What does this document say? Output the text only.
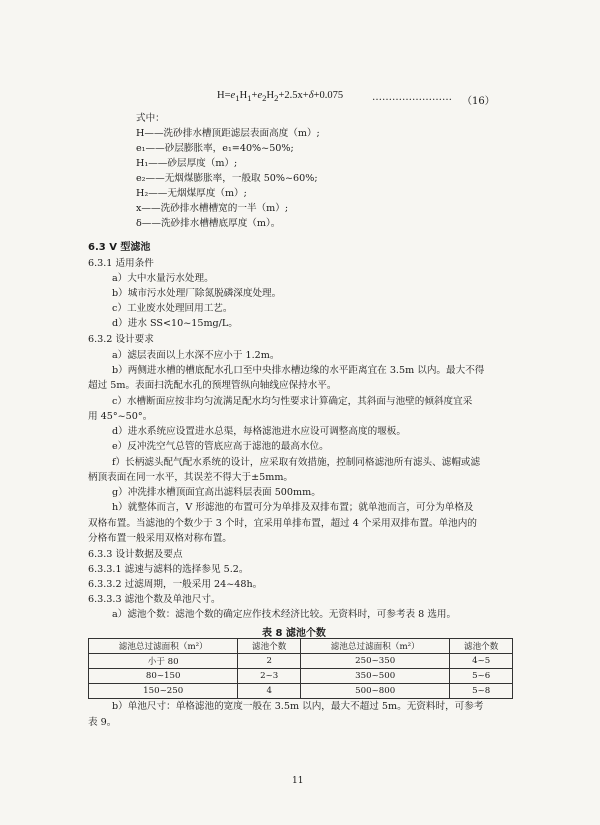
$H=e_1H_1+e_2H_2+2.5x+\delta+0.075$	…………………… （16）
式中：
H——洗砂排水槽顶距滤层表面高度（m）;
e₁——砂层膨胀率，e₁=40%~50%;
H₁——砂层厚度（m）;
e₂——无烟煤膨胀率，一般取 50%~60%;
H₂——无烟煤厚度（m）;
x——洗砂排水槽槽宽的一半（m）;
δ——洗砂排水槽槽底厚度（m）。
6.3 V 型滤池
6.3.1 适用条件
a）大中水量污水处理。
b）城市污水处理厂除氮脱磷深度处理。
c）工业废水处理回用工艺。
d）进水 SS<10~15mg/L。
6.3.2 设计要求
a）滤层表面以上水深不应小于 1.2m。
b）两侧进水槽的槽底配水孔口至中央排水槽边缘的水平距离宜在 3.5m 以内。最大不得
超过 5m。表面扫洗配水孔的预埋管纵向轴线应保持水平。
c）水槽断面应按非均匀流满足配水均匀性要求计算确定，其斜面与池壁的倾斜度宜采
用 45°~50°。
d）进水系统应设置进水总渠，每格滤池进水应设可调整高度的堰板。
e）反冲洗空气总管的管底应高于滤池的最高水位。
f）长柄滤头配气配水系统的设计，应采取有效措施，控制同格滤池所有滤头、滤帽或滤
柄顶表面在同一水平，其误差不得大于±5mm。
g）冲洗排水槽顶面宜高出滤料层表面 500mm。
h）就整体而言，V 形滤池的布置可分为单排及双排布置；就单池而言，可分为单格及
双格布置。当滤池的个数少于 3 个时，宜采用单排布置，超过 4 个采用双排布置。单池内的
分格布置一般采用双格对称布置。
6.3.3 设计数据及要点
6.3.3.1 滤速与滤料的选择参见 5.2。
表 8 滤池个数
滤池总过滤面积（m²）	滤池个数	滤池总过滤面积（m²）	滤池个数
小于 80	2	250~350	4~5
80~150	2~3	350~500	5~6
150~250	4	500~800	5~8
b）单池尺寸：单格滤池的宽度一般在 3.5m 以内，最大不超过 5m。无资料时，可参考
表 9。
11
6.3.3.2 过滤周期，一般采用 24~48h。
6.3.3.3 滤池个数及单池尺寸。
a）滤池个数：滤池个数的确定应作技术经济比较。无资料时，可参考表 8 选用。
